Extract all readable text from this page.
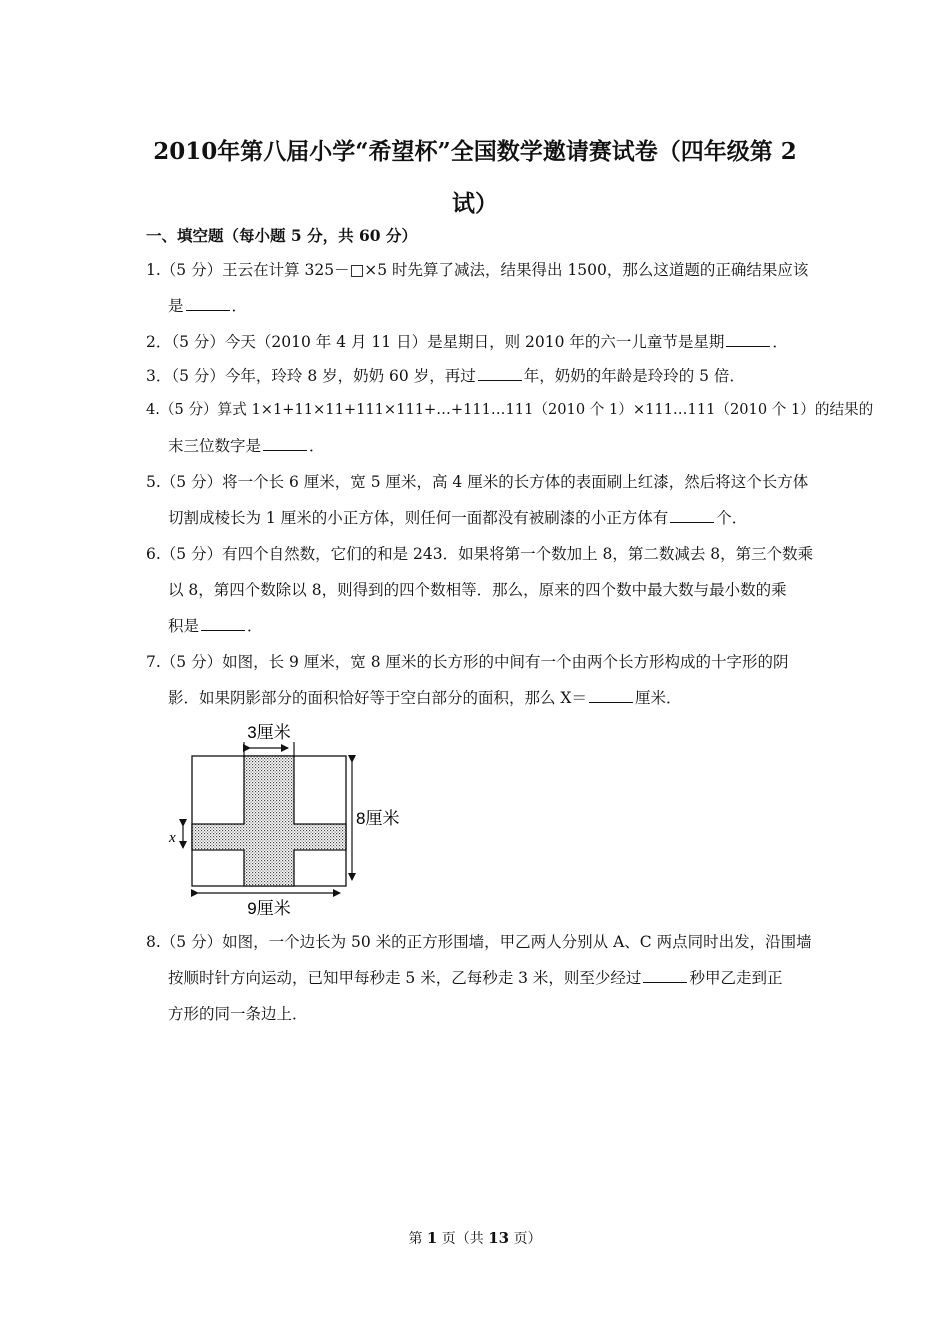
2010年第八届小学“希望杯”全国数学邀请赛试卷（四年级第 2
试）
一、填空题（每小题 5 分，共 60 分）
1.（5 分）王云在计算 325－□×5 时先算了减法，结果得出 1500，那么这道题的正确结果应该
是	．
2．（5 分）今天（2010 年 4 月 11 日）是星期日，则 2010 年的六一儿童节是星期	．
3．（5 分）今年，玲玲 8 岁，奶奶 60 岁，再过	年，奶奶的年龄是玲玲的 5 倍．
4.（5 分）算式 1×1+11×11+111×111+…+111…111（2010 个 1）×111…111（2010 个 1）的结果的
末三位数字是	．
5.（5 分）将一个长 6 厘米，宽 5 厘米，高 4 厘米的长方体的表面刷上红漆，然后将这个长方体
切割成棱长为 1 厘米的小正方体，则任何一面都没有被刷漆的小正方体有	个．
6.（5 分）有四个自然数，它们的和是 243．如果将第一个数加上 8，第二数减去 8，第三个数乘
以 8，第四个数除以 8，则得到的四个数相等．那么，原来的四个数中最大数与最小数的乘
积是	．
7.（5 分）如图，长 9 厘米，宽 8 厘米的长方形的中间有一个由两个长方形构成的十字形的阴
影．如果阴影部分的面积恰好等于空白部分的面积，那么 X＝	厘米．
3厘米
8厘米
9厘米
x
8.（5 分）如图，一个边长为 50 米的正方形围墙，甲乙两人分别从 A、C 两点同时出发，沿围墙
按顺时针方向运动，已知甲每秒走 5 米，乙每秒走 3 米，则至少经过	秒甲乙走到正
方形的同一条边上．
第 1 页（共 13 页）
